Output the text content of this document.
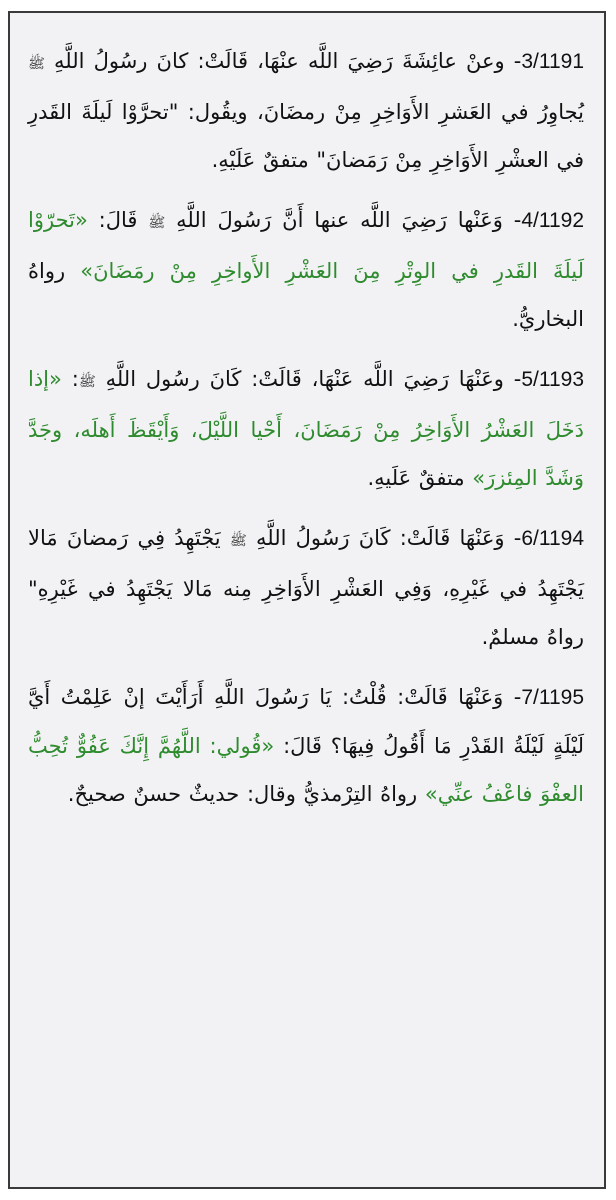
3/1191- وعنْ عائِشَةَ رَضِيَ اللَّه عنْهَا، قَالَتْ: كانَ رسُولُ اللَّهِ ﷺ يُجاوِرُ في العَشرِ الأَوَاخِرِ مِنْ رمضَانَ، ويقُول: "تحرَّوْا لَيلَةَ القَدرِ في العشْرِ الأَوَاخِرِ مِنْ رَمَضانَ" متفقٌ عَلَيْهِ.

4/1192- وَعَنْها رَضِيَ اللَّه عنها أَنَّ رَسُولَ اللَّهِ ﷺ قَالَ: «تَحرّوْا لَيلَةَ القَدرِ في الوِتْرِ مِنَ العَشْرِ الأَواخِرِ مِنْ رمَضَانَ» رواهُ البخاريُّ.

5/1193- وعَنْهَا رَضِيَ اللَّه عَنْهَا، قَالَتْ: كَانَ رسُول اللَّهِ ﷺ: «إذا دَخَلَ العَشْرُ الأَوَاخِرُ مِنْ رَمَضَانَ، أَحْيا اللَّيْلَ، وَأَيْقَظَ أَهلَه، وجَدَّ وَشَدَّ المِئزرَ» متفقٌ عَلَيهِ.

6/1194- وَعَنْهَا قَالَتْ: كَانَ رَسُولُ اللَّهِ ﷺ يَجْتَهِدُ فِي رَمضانَ مَالا يَجْتَهِدُ في غَيْرِهِ، وَفِي العَشْرِ الأَوَاخِرِ مِنه مَالا يَجْتَهِدُ في غَيْرِهِ" رواهُ مسلمٌ.

7/1195- وَعَنْهَا قَالَتْ: قُلْتُ: يَا رَسُولَ اللَّهِ أَرَأَيْتَ إنْ عَلِمْتُ أَيَّ لَيْلَةٍ لَيْلَةُ القَدْرِ مَا أَقُولُ فِيهَا؟ قَالَ: «قُولي: اللَّهُمَّ إِنَّكَ عَفُوٌّ تُحِبُّ العفْوَ فاعْفُ عنِّي» رواهُ التِرْمذيُّ وقال: حديثٌ حسنٌ صحيحٌ.
